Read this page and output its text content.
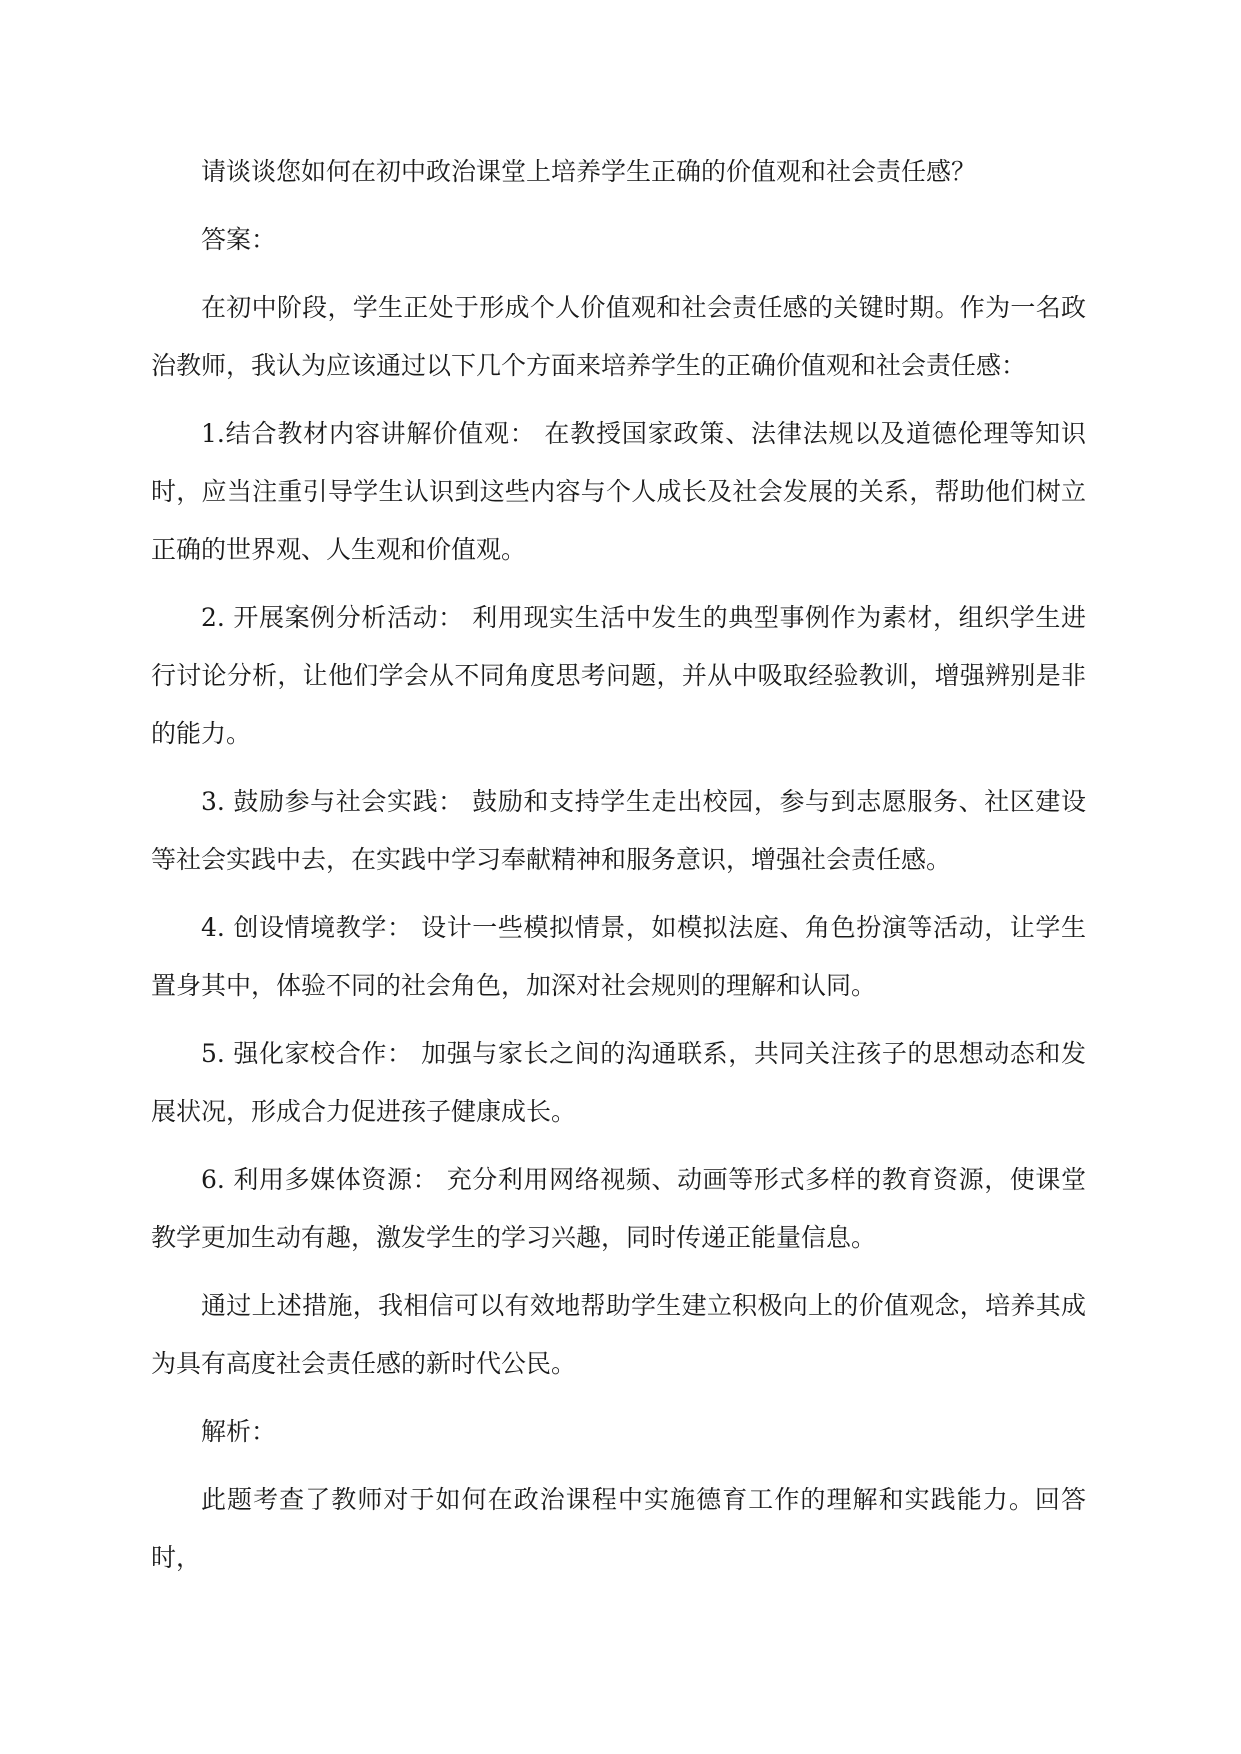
请谈谈您如何在初中政治课堂上培养学生正确的价值观和社会责任感？

答案：

在初中阶段，学生正处于形成个人价值观和社会责任感的关键时期。作为一名政治教师，我认为应该通过以下几个方面来培养学生的正确价值观和社会责任感：

1.结合教材内容讲解价值观： 在教授国家政策、法律法规以及道德伦理等知识时，应当注重引导学生认识到这些内容与个人成长及社会发展的关系，帮助他们树立正确的世界观、人生观和价值观。

2. 开展案例分析活动： 利用现实生活中发生的典型事例作为素材，组织学生进行讨论分析，让他们学会从不同角度思考问题，并从中吸取经验教训，增强辨别是非的能力。

3. 鼓励参与社会实践： 鼓励和支持学生走出校园，参与到志愿服务、社区建设等社会实践中去，在实践中学习奉献精神和服务意识，增强社会责任感。

4. 创设情境教学： 设计一些模拟情景，如模拟法庭、角色扮演等活动，让学生置身其中，体验不同的社会角色，加深对社会规则的理解和认同。

5. 强化家校合作： 加强与家长之间的沟通联系，共同关注孩子的思想动态和发展状况，形成合力促进孩子健康成长。

6. 利用多媒体资源： 充分利用网络视频、动画等形式多样的教育资源，使课堂教学更加生动有趣，激发学生的学习兴趣，同时传递正能量信息。

通过上述措施，我相信可以有效地帮助学生建立积极向上的价值观念，培养其成为具有高度社会责任感的新时代公民。

解析：

此题考查了教师对于如何在政治课程中实施德育工作的理解和实践能力。回答时，
